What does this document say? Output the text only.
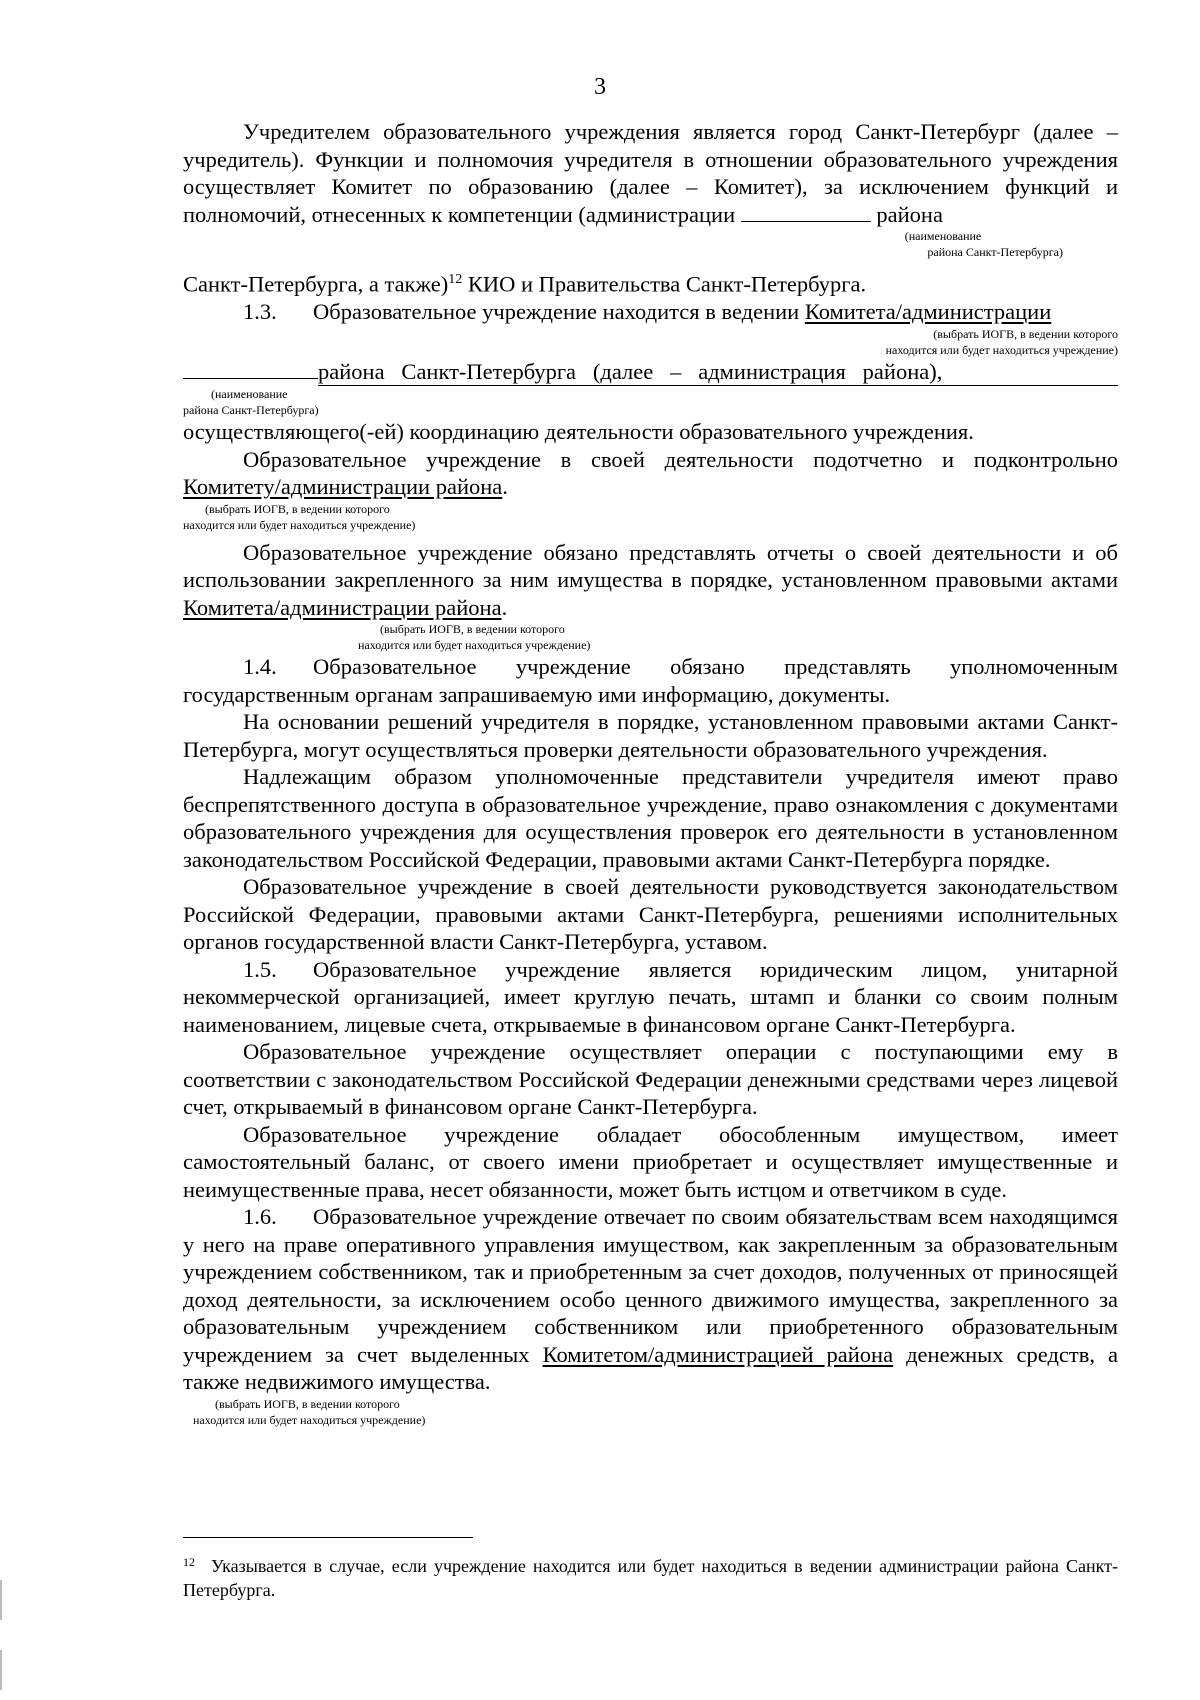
3

Учредителем образовательного учреждения является город Санкт-Петербург (далее – учредитель). Функции и полномочия учредителя в отношении образовательного учреждения осуществляет Комитет по образованию (далее – Комитет), за исключением функций и полномочий, отнесенных к компетенции (администрации	района

(наименование
района Санкт-Петербурга)

Санкт-Петербурга, а также)$^{12}$ КИО и Правительства Санкт-Петербурга.

1.3. Образовательное учреждение находится в ведении Комитета/администрации

(выбрать ИОГВ, в ведении которого
находится или будет находиться учреждение)

района   Санкт-Петербурга   (далее   –   администрация   района),

(наименование
района Санкт-Петербурга)

осуществляющего(-ей) координацию деятельности образовательного учреждения.

Образовательное учреждение в своей деятельности подотчетно и подконтрольно

Комитету/администрации района.

(выбрать ИОГВ, в ведении которого
находится или будет находиться учреждение)

Образовательное учреждение обязано представлять отчеты о своей деятельности и об использовании закрепленного за ним имущества в порядке, установленном правовыми актами Комитета/администрации района.

(выбрать ИОГВ, в ведении которого
находится или будет находиться учреждение)

1.4. Образовательное учреждение обязано представлять уполномоченным государственным органам запрашиваемую ими информацию, документы.

На основании решений учредителя в порядке, установленном правовыми актами Санкт-Петербурга, могут осуществляться проверки деятельности образовательного учреждения.

Надлежащим образом уполномоченные представители учредителя имеют право беспрепятственного доступа в образовательное учреждение, право ознакомления с документами образовательного учреждения для осуществления проверок его деятельности в установленном законодательством Российской Федерации, правовыми актами Санкт-Петербурга порядке.

Образовательное учреждение в своей деятельности руководствуется законодательством Российской Федерации, правовыми актами Санкт-Петербурга, решениями исполнительных органов государственной власти Санкт-Петербурга, уставом.

1.5. Образовательное учреждение является юридическим лицом, унитарной некоммерческой организацией, имеет круглую печать, штамп и бланки со своим полным наименованием, лицевые счета, открываемые в финансовом органе Санкт-Петербурга.

Образовательное учреждение осуществляет операции с поступающими ему в соответствии с законодательством Российской Федерации денежными средствами через лицевой счет, открываемый в финансовом органе Санкт-Петербурга.

Образовательное учреждение обладает обособленным имуществом, имеет самостоятельный баланс, от своего имени приобретает и осуществляет имущественные и неимущественные права, несет обязанности, может быть истцом и ответчиком в суде.

1.6. Образовательное учреждение отвечает по своим обязательствам всем находящимся у него на праве оперативного управления имуществом, как закрепленным за образовательным учреждением собственником, так и приобретенным за счет доходов, полученных от приносящей доход деятельности, за исключением особо ценного движимого имущества, закрепленного за образовательным учреждением собственником или приобретенного образовательным учреждением за счет выделенных Комитетом/администрацией района денежных средств, а также недвижимого имущества.

(выбрать ИОГВ, в ведении которого
находится или будет находиться учреждение)
$^{12}$ Указывается в случае, если учреждение находится или будет находиться в ведении администрации района Санкт-Петербурга.
